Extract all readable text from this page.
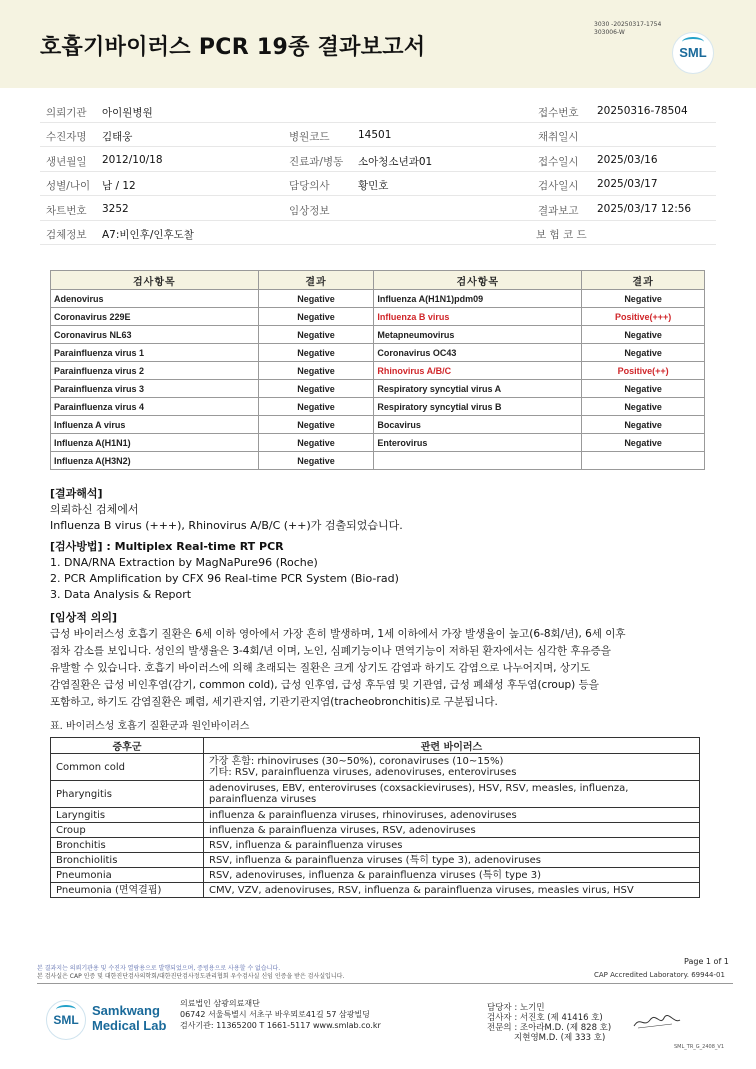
호흡기바이러스 PCR 19종 결과보고서
3030 -20250317-1754
303006-W
SML
의뢰기관 아이원병원	접수번호 20250316-78504
수진자명 김태웅	병원코드	14501	채취일시
생년월일 2012/10/18	진료과/병동 소아청소년과01	접수일시 2025/03/16
성별/나이 남 / 12	담당의사	황민호	검사일시 2025/03/17
차트번호 3252	임상정보	결과보고 2025/03/17 12:56
검체정보 A7:비인후/인후도찰	보 험 코 드
검사항목	결과	검사항목	결과
Adenovirus	Negative	Influenza A(H1N1)pdm09	Negative
Coronavirus 229E	Negative	Influenza B virus	Positive(+++)
Coronavirus NL63	Negative	Metapneumovirus	Negative
Parainfluenza virus 1	Negative	Coronavirus OC43	Negative
Parainfluenza virus 2	Negative	Rhinovirus A/B/C	Positive(++)
Parainfluenza virus 3	Negative	Respiratory syncytial virus A	Negative
Parainfluenza virus 4	Negative	Respiratory syncytial virus B	Negative
Influenza A virus	Negative	Bocavirus	Negative
Influenza A(H1N1)	Negative	Enterovirus	Negative
Influenza A(H3N2)	Negative		
[결과해석]
의뢰하신 검체에서
Influenza B virus (+++), Rhinovirus A/B/C (++)가 검출되었습니다.
[검사방법] : Multiplex Real-time RT PCR
1. DNA/RNA Extraction by MagNaPure96 (Roche)
2. PCR Amplification by CFX 96 Real-time PCR System (Bio-rad)
3. Data Analysis & Report
[임상적 의의]
급성 바이러스성 호흡기 질환은 6세 이하 영아에서 가장 흔히 발생하며, 1세 이하에서 가장 발생율이 높고(6-8회/년), 6세 이후
점차 감소를 보입니다. 성인의 발생율은 3-4회/년 이며, 노인, 심폐기능이나 면역기능이 저하된 환자에서는 심각한 후유증을
유발할 수 있습니다. 호흡기 바이러스에 의해 초래되는 질환은 크게 상기도 감염과 하기도 감염으로 나누어지며, 상기도
감염질환은 급성 비인후염(감기, common cold), 급성 인후염, 급성 후두염 및 기관염, 급성 폐쇄성 후두염(croup) 등을
포함하고, 하기도 감염질환은 폐렴, 세기관지염, 기관기관지염(tracheobronchitis)로 구분됩니다.
표. 바이러스성 호흡기 질환군과 원인바이러스
증후군	관련 바이러스
Common cold	가장 흔함: rhinoviruses (30~50%), coronaviruses (10~15%)
기타: RSV, parainfluenza viruses, adenoviruses, enteroviruses

Pharyngitis	adenoviruses, EBV, enteroviruses (coxsackieviruses), HSV, RSV, measles, influenza,
parainfluenza viruses

Laryngitis	influenza & parainfluenza viruses, rhinoviruses, adenoviruses
Croup	influenza & parainfluenza viruses, RSV, adenoviruses
Bronchitis	RSV, influenza & parainfluenza viruses
Bronchiolitis	RSV, influenza & parainfluenza viruses (특히 type 3), adenoviruses
Pneumonia	RSV, adenoviruses, influenza & parainfluenza viruses (특히 type 3)
Pneumonia (면역결핍)	CMV, VZV, adenoviruses, RSV, influenza & parainfluenza viruses, measles virus, HSV
본 결과지는 의뢰기관용 및 수진자 열람용으로 발행되었으며, 증빙용으로 사용할 수 없습니다.
본 검사실은 CAP 인증 및 대한진단검사의학회/대한진단검사정도관리협회 우수검사실 신임 인증을 받은 검사실입니다.
Page 1 of 1
CAP Accredited Laboratory. 69944-01
SML
Samkwang
Medical Lab
의료법인 삼광의료재단
06742 서울특별시 서초구 바우뫼로41길 57 삼광빌딩
검사기관: 11365200 T 1661-5117 www.smlab.co.kr
담당자 : 노기민
검사자 : 서진호 (제 41416 호)
전문의 : 조아라M.D. (제 828 호)
지현영M.D. (제 333 호)
SML_TR_G_2408_V1
